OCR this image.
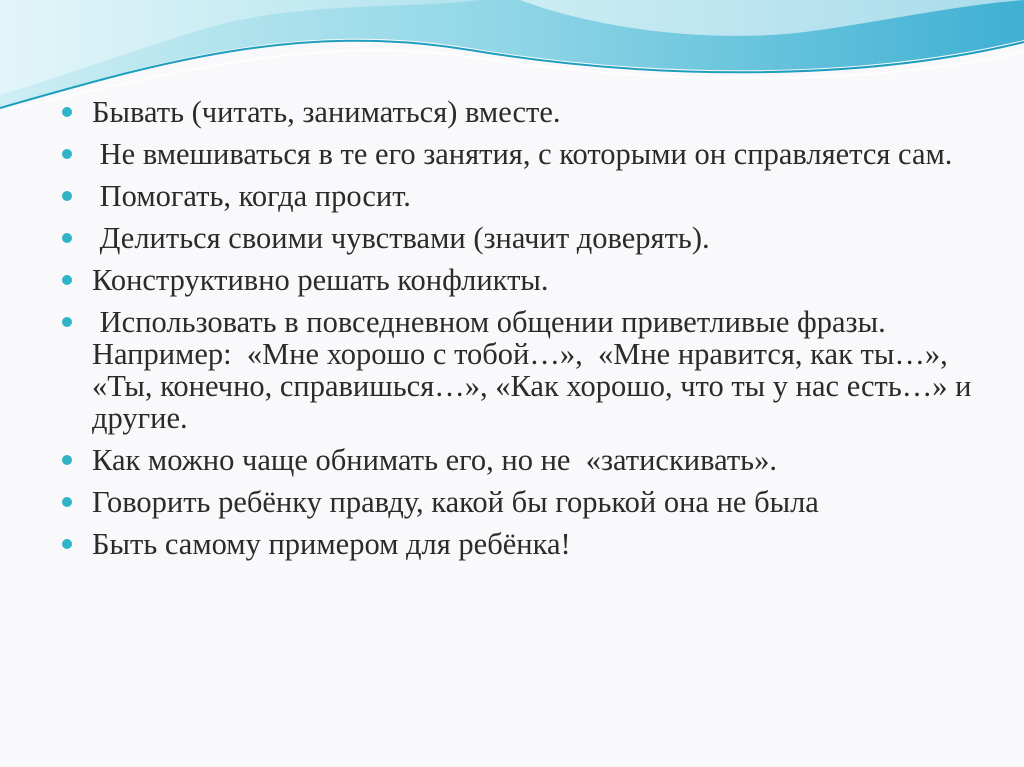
Бывать (читать, заниматься) вместе.
Не вмешиваться в те его занятия, с которыми он справляется сам.
Помогать, когда просит.
Делиться своими чувствами (значит доверять).
Конструктивно решать конфликты.
Использовать в повседневном общении приветливые фразы. Например:  «Мне хорошо с тобой…»,  «Мне нравится, как ты…»,  «Ты, конечно, справишься…», «Как хорошо, что ты у нас есть…» и другие.
Как можно чаще обнимать его, но не  «затискивать».
Говорить ребёнку правду, какой бы горькой она не была
Быть самому примером для ребёнка!
